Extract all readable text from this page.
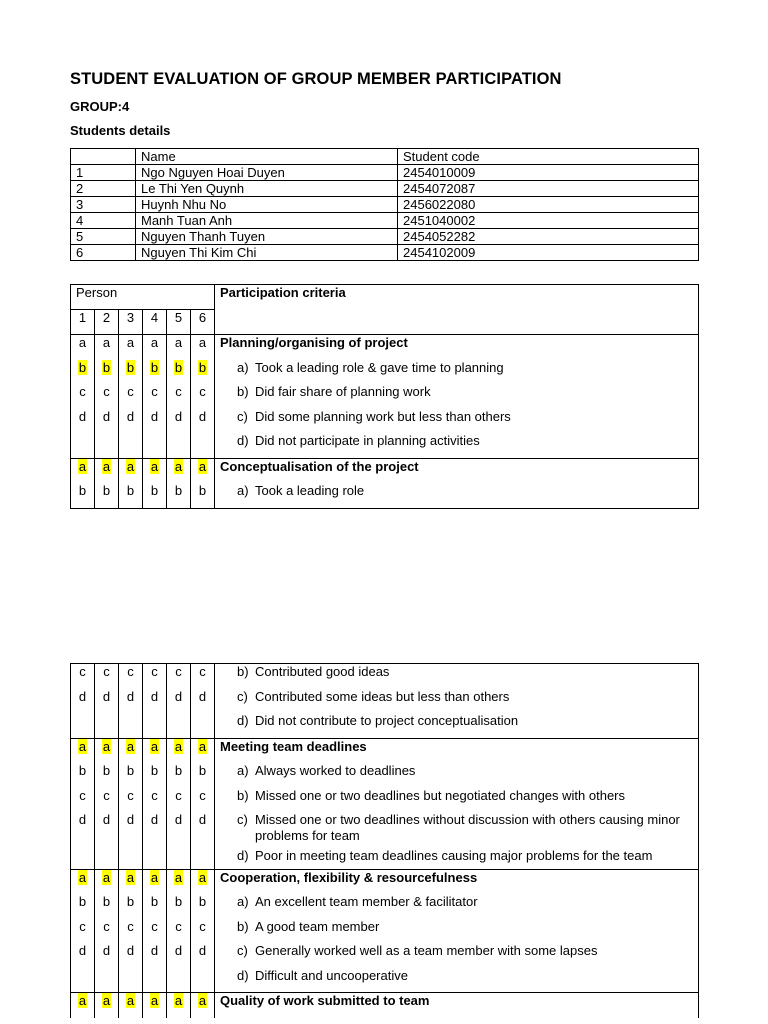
STUDENT EVALUATION OF GROUP MEMBER PARTICIPATION
GROUP:4
Students details
	Name	Student code
1	Ngo Nguyen Hoai Duyen	2454010009
2	Le Thi Yen Quynh	2454072087
3	Huynh Nhu No	2456022080
4	Manh Tuan Anh	2451040002
5	Nguyen Thanh Tuyen	2454052282
6	Nguyen Thi Kim Chi	2454102009
Person						Participation criteria
1	2	3	4	5	6	
a	a	a	a	a	a	Planning/organising of project
b	b	b	b	b	b	a) Took a leading role & gave time to planning

c	c	c	c	c	c	b) Did fair share of planning work

d	d	d	d	d	d	c) Did some planning work but less than others

						d) Did not participate in planning activities

a	a	a	a	a	a	Conceptualisation of the project
b	b	b	b	b	b	a) Took a leading role
c	c	c	c	c	c	b) Contributed good ideas

d	d	d	d	d	d	c) Contributed some ideas but less than others

						d) Did not contribute to project conceptualisation

a	a	a	a	a	a	Meeting team deadlines
b	b	b	b	b	b	a) Always worked to deadlines

c	c	c	c	c	c	b) Missed one or two deadlines but negotiated changes with others

d	d	d	d	d	d	c) Missed one or two deadlines without discussion with others causing minor problems for team

						d) Poor in meeting team deadlines causing major problems for the team

a	a	a	a	a	a	Cooperation, flexibility & resourcefulness
b	b	b	b	b	b	a) An excellent team member & facilitator

c	c	c	c	c	c	b) A good team member

d	d	d	d	d	d	c) Generally worked well as a team member with some lapses

						d) Difficult and uncooperative

a	a	a	a	a	a	Quality of work submitted to team
